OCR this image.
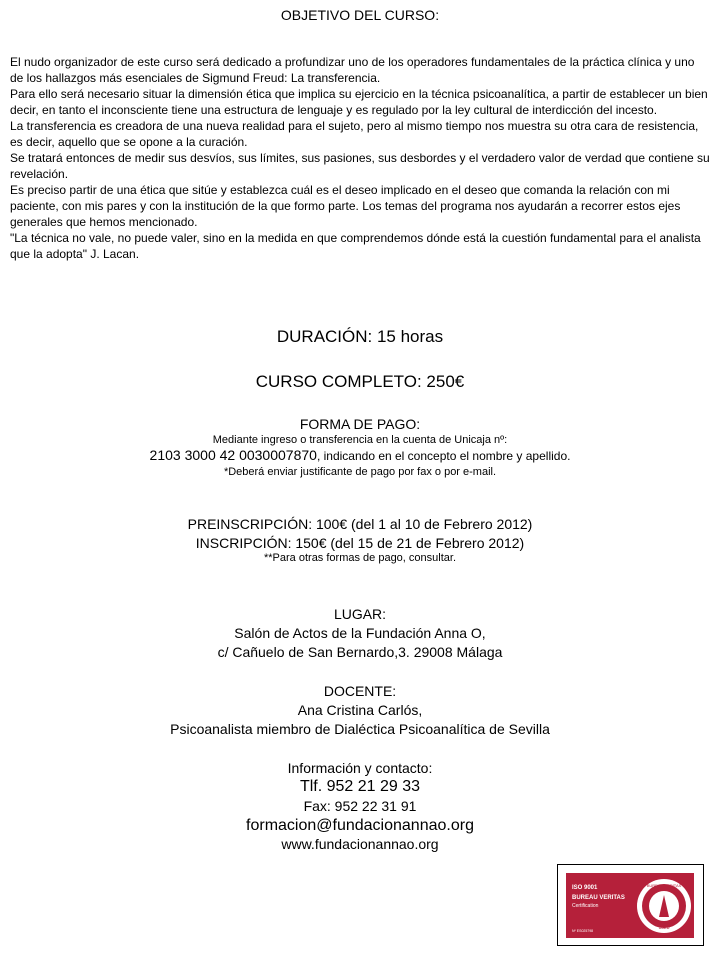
OBJETIVO DEL CURSO:

El nudo organizador de este curso será dedicado a profundizar uno de los operadores fundamentales de la práctica clínica y uno de los hallazgos más esenciales de Sigmund Freud: La transferencia.

Para ello será necesario situar la dimensión ética que implica su ejercicio en la técnica psicoanalítica, a partir de establecer un bien decir, en tanto el inconsciente tiene una estructura de lenguaje y es regulado por la ley cultural de interdicción del incesto.

La transferencia es creadora de una nueva realidad para el sujeto, pero al mismo tiempo nos muestra su otra cara de resistencia, es decir, aquello que se opone a la curación.

Se tratará entonces de medir sus desvíos, sus límites, sus pasiones, sus desbordes y el verdadero valor de verdad que contiene su revelación.

Es preciso partir de una ética que sitúe y establezca cuál es el deseo implicado en el deseo que comanda la relación con mi paciente, con mis pares y con la institución de la que formo parte. Los temas del programa nos ayudarán a recorrer estos ejes generales que hemos mencionado.

"La técnica no vale, no puede valer, sino en la medida en que comprendemos dónde está la cuestión fundamental para el analista que la adopta" J. Lacan.

DURACIÓN: 15 horas
CURSO COMPLETO: 250€
FORMA DE PAGO:
Mediante ingreso o transferencia en la cuenta de Unicaja nº:
2103 3000 42 0030007870, indicando en el concepto el nombre y apellido.
*Deberá enviar justificante de pago por fax o por e-mail.
PREINSCRIPCIÓN: 100€ (del 1 al 10 de Febrero 2012)
INSCRIPCIÓN: 150€ (del 15 de 21 de Febrero 2012)
**Para otras formas de pago, consultar.
LUGAR:
Salón de Actos de la Fundación Anna O,
c/ Cañuelo de San Bernardo,3. 29008 Málaga
DOCENTE:
Ana Cristina Carlós,
Psicoanalista miembro de Dialéctica Psicoanalítica de Sevilla
Información y contacto:
Tlf. 952 21 29 33
Fax: 952 22 31 91
formacion@fundacionannao.org
www.fundacionannao.org
ISO 9001
BUREAU VERITAS
Certification
Nº ES025798
BUREAU VERITAS
1828
